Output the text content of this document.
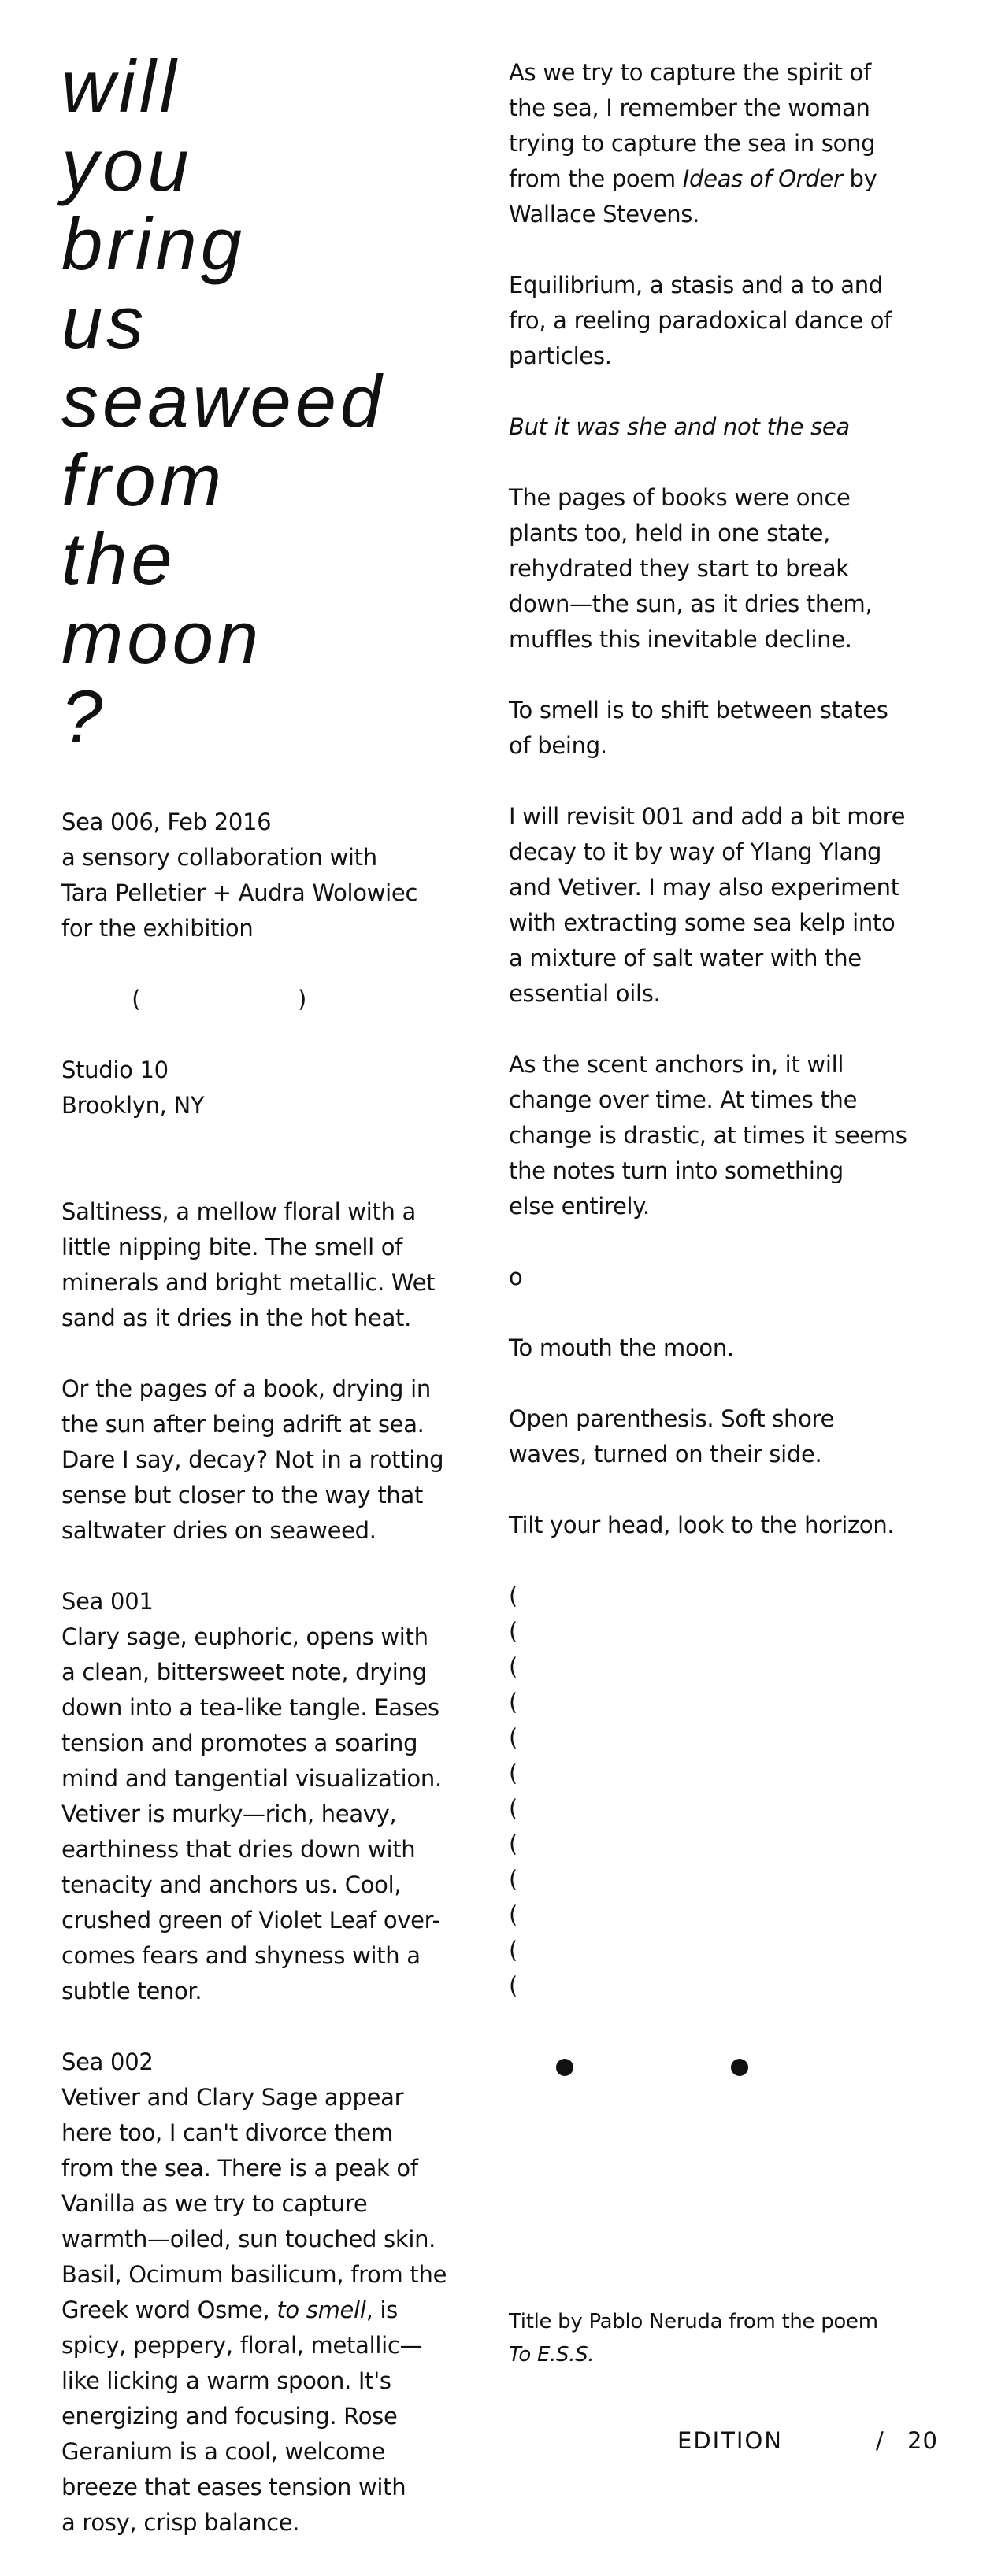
will
you
bring
us
seaweed
from
the
moon
?
Sea 006, Feb 2016
a sensory collaboration with
Tara Pelletier + Audra Wolowiec
for the exhibition

(	)

Studio 10
Brooklyn, NY
Saltiness, a mellow floral with a
little nipping bite. The smell of
minerals and bright metallic. Wet
sand as it dries in the hot heat.
Or the pages of a book, drying in
the sun after being adrift at sea.
Dare I say, decay? Not in a rotting
sense but closer to the way that
saltwater dries on seaweed.
Sea 001
Clary sage, euphoric, opens with
a clean, bittersweet note, drying
down into a tea-like tangle. Eases
tension and promotes a soaring
mind and tangential visualization.
Vetiver is murky—rich, heavy,
earthiness that dries down with
tenacity and anchors us. Cool,
crushed green of Violet Leaf over-
comes fears and shyness with a
subtle tenor.
Sea 002
Vetiver and Clary Sage appear
here too, I can't divorce them
from the sea. There is a peak of
Vanilla as we try to capture
warmth—oiled, sun touched skin.
Basil, Ocimum basilicum, from the
Greek word Osme, to smell, is
spicy, peppery, floral, metallic—
like licking a warm spoon. It's
energizing and focusing. Rose
Geranium is a cool, welcome
breeze that eases tension with
a rosy, crisp balance.
As we try to capture the spirit of
the sea, I remember the woman
trying to capture the sea in song
from the poem Ideas of Order by
Wallace Stevens.
Equilibrium, a stasis and a to and
fro, a reeling paradoxical dance of
particles.
But it was she and not the sea
The pages of books were once
plants too, held in one state,
rehydrated they start to break
down—the sun, as it dries them,
muffles this inevitable decline.
To smell is to shift between states
of being.
I will revisit 001 and add a bit more
decay to it by way of Ylang Ylang
and Vetiver. I may also experiment
with extracting some sea kelp into
a mixture of salt water with the
essential oils.
As the scent anchors in, it will
change over time. At times the
change is drastic, at times it seems
the notes turn into something
else entirely.
o
To mouth the moon.
Open parenthesis. Soft shore
waves, turned on their side.
Tilt your head, look to the horizon.
(
(
(
(
(
(
(
(
(
(
(
(
Title by Pablo Neruda from the poem
To E.S.S.
EDITION	/ 20
